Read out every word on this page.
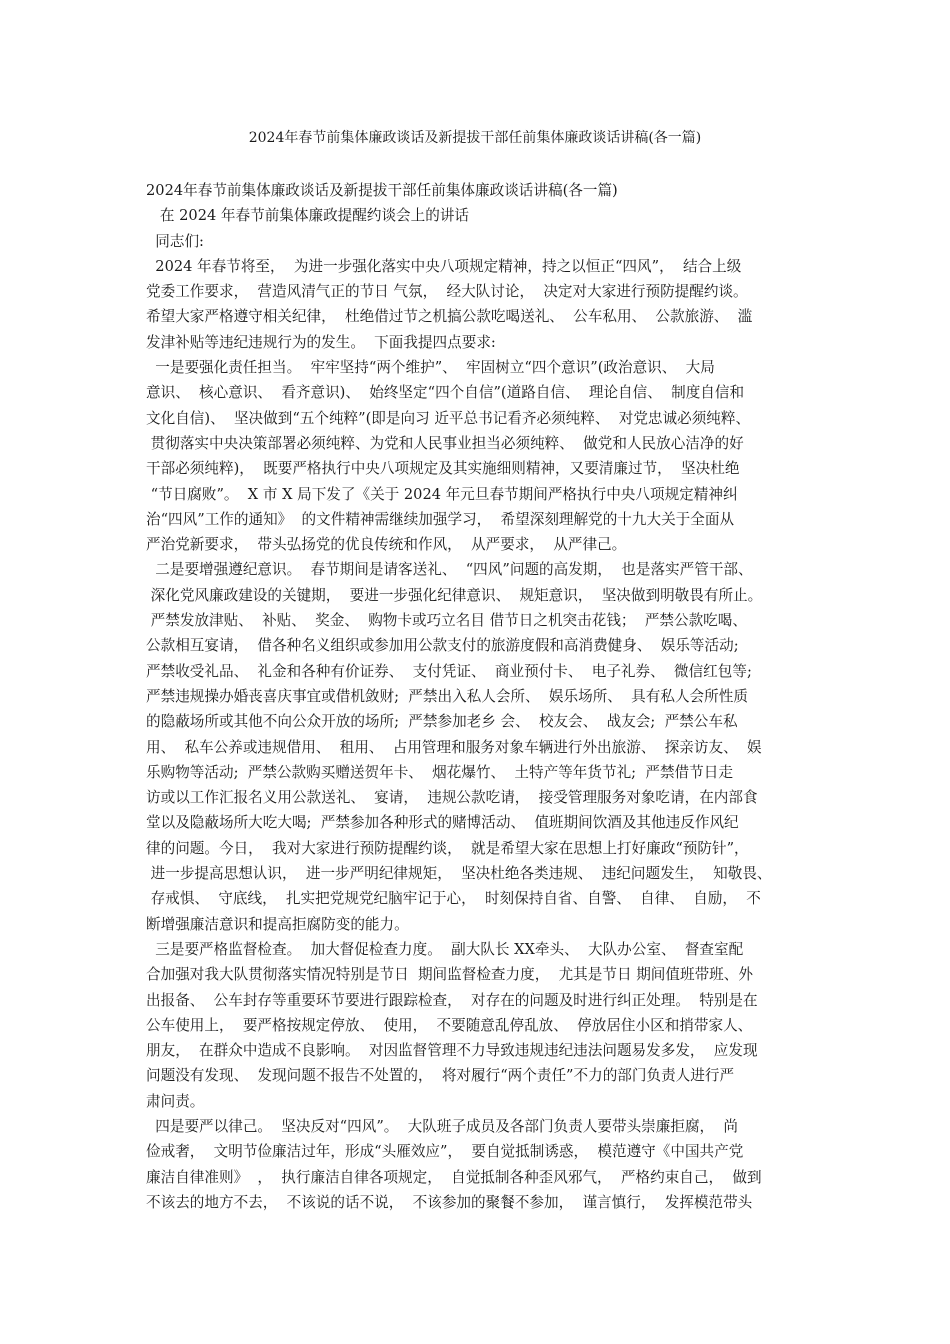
2024年春节前集体廉政谈话及新提拔干部任前集体廉政谈话讲稿(各一篇)
2024年春节前集体廉政谈话及新提拔干部任前集体廉政谈话讲稿(各一篇)
在 2024 年春节前集体廉政提醒约谈会上的讲话
同志们:
2024 年春节将至，  为进一步强化落实中央八项规定精神，持之以恒正“四风”，  结合上级
党委工作要求，  营造风清气正的节日 气氛，  经大队讨论，  决定对大家进行预防提醒约谈。
希望大家严格遵守相关纪律，  杜绝借过节之机搞公款吃喝送礼、  公车私用、  公款旅游、  滥
发津补贴等违纪违规行为的发生。  下面我提四点要求:
一是要强化责任担当。  牢牢坚持“两个维护”、  牢固树立“四个意识”(政治意识、  大局
意识、  核心意识、  看齐意识)、  始终坚定“四个自信”(道路自信、  理论自信、  制度自信和
文化自信)、  坚决做到“五个纯粹”(即是向习 近平总书记看齐必须纯粹、  对党忠诚必须纯粹、
贯彻落实中央决策部署必须纯粹、为党和人民事业担当必须纯粹、  做党和人民放心洁净的好
干部必须纯粹)，  既要严格执行中央八项规定及其实施细则精神，又要清廉过节，  坚决杜绝
“节日腐败”。  X 市 X 局下发了《关于 2024 年元旦春节期间严格执行中央八项规定精神纠
治“四风”工作的通知》  的文件精神需继续加强学习，  希望深刻理解党的十九大关于全面从
严治党新要求，  带头弘扬党的优良传统和作风，  从严要求，  从严律己。
二是要增强遵纪意识。  春节期间是请客送礼、  “四风”问题的高发期，  也是落实严管干部、
深化党风廉政建设的关键期，  要进一步强化纪律意识、  规矩意识，  坚决做到明敬畏有所止。
严禁发放津贴、  补贴、  奖金、  购物卡或巧立名目 借节日之机突击花钱；  严禁公款吃喝、
公款相互宴请，  借各种名义组织或参加用公款支付的旅游度假和高消费健身、  娱乐等活动;
严禁收受礼品、  礼金和各种有价证券、  支付凭证、  商业预付卡、  电子礼券、  微信红包等;
严禁违规操办婚丧喜庆事宜或借机敛财;  严禁出入私人会所、  娱乐场所、  具有私人会所性质
的隐蔽场所或其他不向公众开放的场所;  严禁参加老乡 会、  校友会、  战友会;  严禁公车私
用、  私车公养或违规借用、  租用、  占用管理和服务对象车辆进行外出旅游、  探亲访友、  娱
乐购物等活动;  严禁公款购买赠送贺年卡、  烟花爆竹、  土特产等年货节礼;  严禁借节日走
访或以工作汇报名义用公款送礼、  宴请，  违规公款吃请，  接受管理服务对象吃请，在内部食
堂以及隐蔽场所大吃大喝;  严禁参加各种形式的赌博活动、  值班期间饮酒及其他违反作风纪
律的问题。今日，  我对大家进行预防提醒约谈，  就是希望大家在思想上打好廉政“预防针”，
进一步提高思想认识，  进一步严明纪律规矩，  坚决杜绝各类违规、  违纪问题发生，  知敬畏、
存戒惧、  守底线，  扎实把党规党纪脑牢记于心，  时刻保持自省、自警、  自律、  自励，  不
断增强廉洁意识和提高拒腐防变的能力。
三是要严格监督检查。  加大督促检查力度。  副大队长 XX牵头、  大队办公室、  督查室配
合加强对我大队贯彻落实情况特别是节日  期间监督检查力度，  尤其是节日 期间值班带班、外
出报备、  公车封存等重要环节要进行跟踪检查，  对存在的问题及时进行纠正处理。  特别是在
公车使用上，  要严格按规定停放、  使用，  不要随意乱停乱放、  停放居住小区和捎带家人、
朋友，  在群众中造成不良影响。  对因监督管理不力导致违规违纪违法问题易发多发，  应发现
问题没有发现、  发现问题不报告不处置的，  将对履行“两个责任”不力的部门负责人进行严
肃问责。
四是要严以律己。  坚决反对“四风”。  大队班子成员及各部门负责人要带头崇廉拒腐，  尚
俭戒奢，  文明节俭廉洁过年，形成“头雁效应”，  要自觉抵制诱惑，  模范遵守《中国共产党
廉洁自律准则》  ，  执行廉洁自律各项规定，  自觉抵制各种歪风邪气，  严格约束自己，  做到
不该去的地方不去，  不该说的话不说，  不该参加的聚餐不参加，  谨言慎行，  发挥模范带头
